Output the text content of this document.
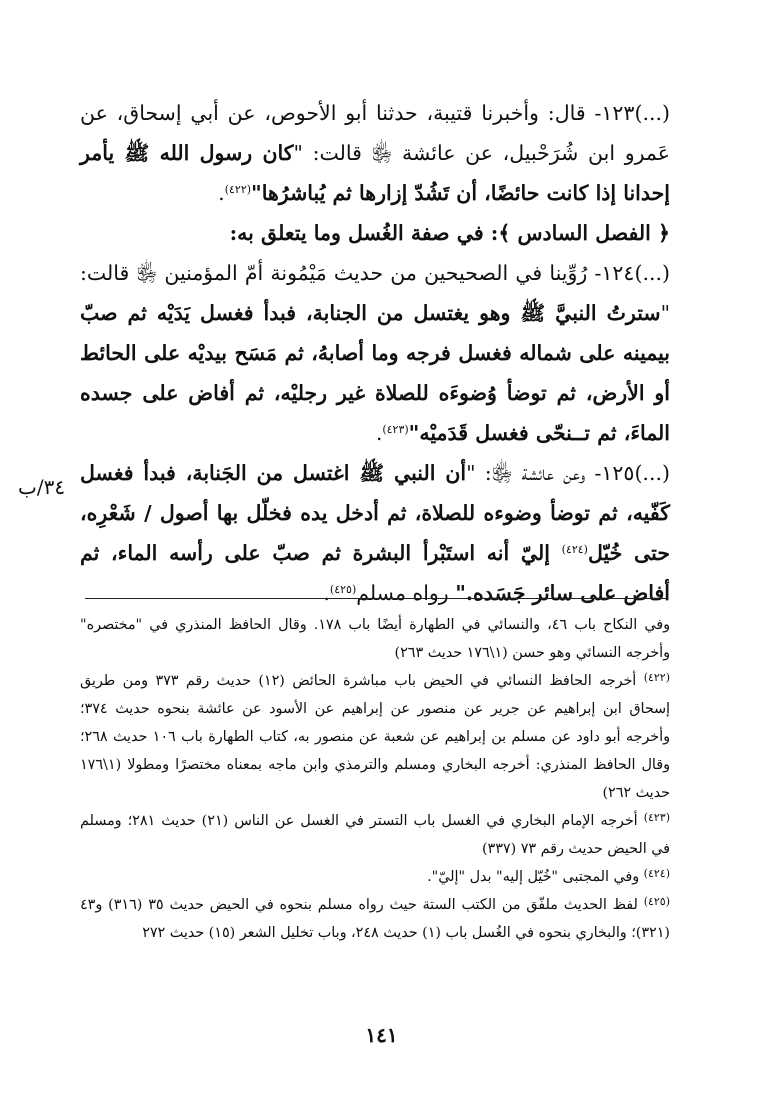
(...)١٢٣- قال: وأخبرنا قتيبة، حدثنا أبو الأحوص، عن أبي إسحاق، عن عَمرو ابن شُرَحْبيل، عن عائشة ﵂ قالت: "كان رسول الله ﷺ يأمر إحدانا إذا كانت حائضًا، أن تَشُدّ إزارها ثم يُباشرُها"$^{(٤٢٢)}$.

﴿ الفصل السادس ﴾: في صفة الغُسل وما يتعلق به:

(...)١٢٤- رُوِّينا في الصحيحين من حديث مَيْمُونة أمّ المؤمنين ﵂ قالت: "سترتُ النبيَّ ﷺ وهو يغتسل من الجنابة، فبدأ فغسل يَدَيْه ثم صبّ بيمينه على شماله فغسل فرجه وما أصابهُ، ثم مَسَح بيديْه على الحائط أو الأرض، ثم توضأ وُضوءَه للصلاة غير رجليْه، ثم أفاض على جسده الماءَ، ثم تــنحّى فغسل قَدَميْه"$^{(٤٢٣)}$.

(...)١٢٥- وعن عائشة ﵂: "أن النبي ﷺ اغتسل من الجَنابة، فبدأ فغسل كَفّيه، ثم توضأ وضوءه للصلاة، ثم أدخل يده فخلّل بها أصول / شَعْرِه، حتى خُيّل$^{(٤٢٤)}$ إليّ أنه استَبْرأ البشرة ثم صبّ على رأسه الماء، ثم أفاض على سائر جَسَده." رواه مسلم$^{(٤٢٥)}$.

٣٤/ب

وفي النكاح باب ٤٦، والنسائي في الطهارة أيضًا باب ١٧٨. وقال الحافظ المنذري في "مختصره" وأخرجه النسائي وهو حسن (١\١٧٦ حديث ٢٦٣)

$^{(٤٢٢)}$ أخرجه الحافظ النسائي في الحيض باب مباشرة الحائض (١٢) حديث رقم ٣٧٣ ومن طريق إسحاق ابن إبراهيم عن جرير عن منصور عن إبراهيم عن الأسود عن عائشة بنحوه حديث ٣٧٤؛ وأخرجه أبو داود عن مسلم بن إبراهيم عن شعبة عن منصور به، كتاب الطهارة باب ١٠٦ حديث ٢٦٨؛ وقال الحافظ المنذري: أخرجه البخاري ومسلم والترمذي وابن ماجه بمعناه مختصرًا ومطولا (١\١٧٦ حديث ٢٦٢)

$^{(٤٢٣)}$ أخرجه الإمام البخاري في الغسل باب التستر في الغسل عن الناس (٢١) حديث ٢٨١؛ ومسلم في الحيض حديث رقم ٧٣ (٣٣٧)

$^{(٤٢٤)}$ وفي المجتبى "خُيّل إليه" بدل "إليّ".

$^{(٤٢٥)}$ لفظ الحديث ملفّق من الكتب الستة حيث رواه مسلم بنحوه في الحيض حديث ٣٥ (٣١٦) و٤٣ (٣٢١)؛ والبخاري بنحوه في الغُسل باب (١) حديث ٢٤٨، وباب تخليل الشعر (١٥) حديث ٢٧٢

١٤١
